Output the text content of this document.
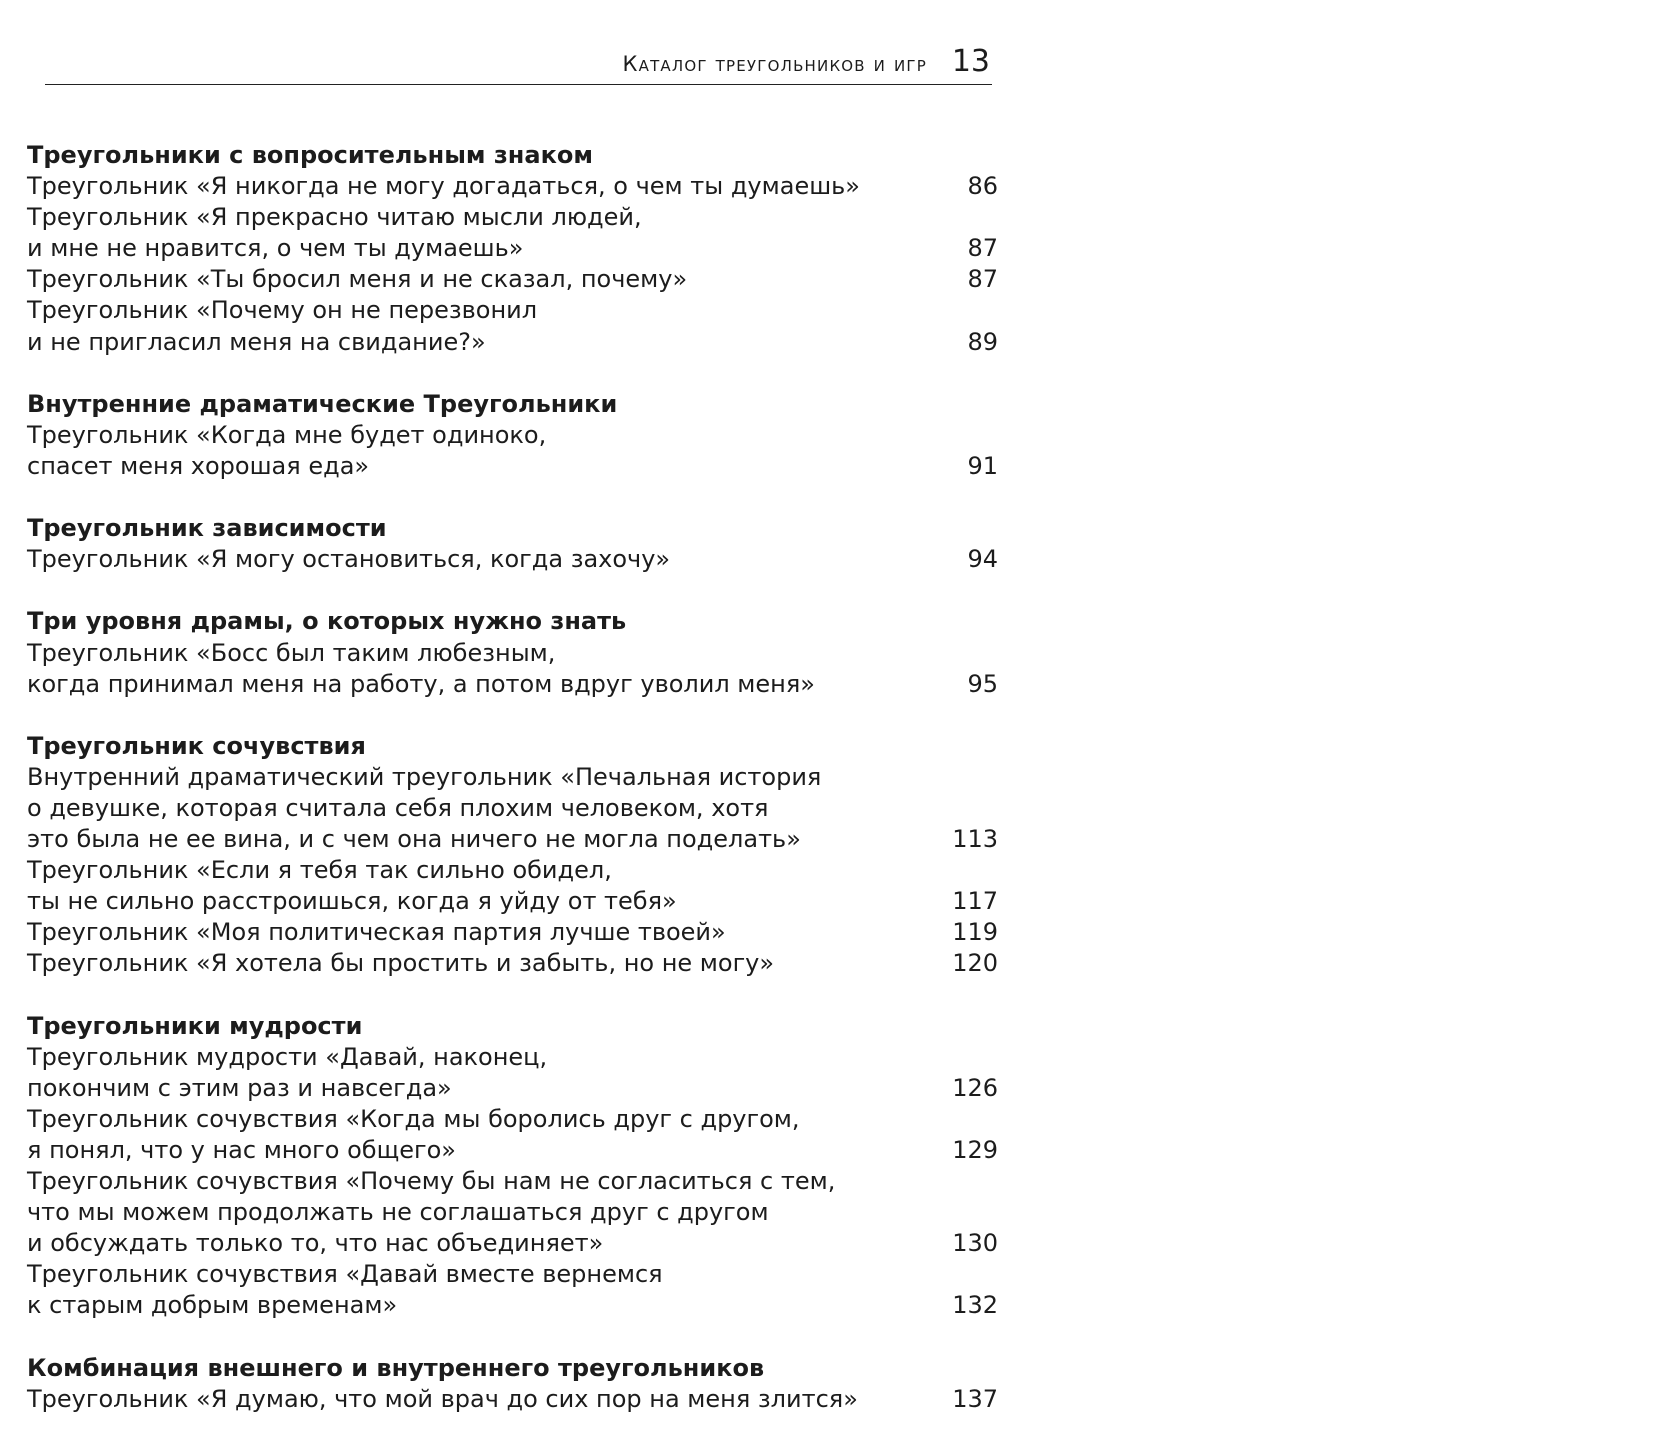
Каталог треугольников и игр 13
Треугольники с вопросительным знаком
Треугольник «Я никогда не могу догадаться, о чем ты думаешь»	86
Треугольник «Я прекрасно читаю мысли людей,
и мне не нравится, о чем ты думаешь»	87
Треугольник «Ты бросил меня и не сказал, почему»	87
Треугольник «Почему он не перезвонил
и не пригласил меня на свидание?»	89
Внутренние драматические Треугольники
Треугольник «Когда мне будет одиноко,
спасет меня хорошая еда»	91
Треугольник зависимости
Треугольник «Я могу остановиться, когда захочу»	94
Три уровня драмы, о которых нужно знать
Треугольник «Босс был таким любезным,
когда принимал меня на работу, а потом вдруг уволил меня»	95
Треугольник сочувствия
Внутренний драматический треугольник «Печальная история
о девушке, которая считала себя плохим человеком, хотя
это была не ее вина, и с чем она ничего не могла поделать»	113
Треугольник «Если я тебя так сильно обидел,
ты не сильно расстроишься, когда я уйду от тебя»	117
Треугольник «Моя политическая партия лучше твоей»	119
Треугольник «Я хотела бы простить и забыть, но не могу»	120
Треугольники мудрости
Треугольник мудрости «Давай, наконец,
покончим с этим раз и навсегда»	126
Треугольник сочувствия «Когда мы боролись друг с другом,
я понял, что у нас много общего»	129
Треугольник сочувствия «Почему бы нам не согласиться с тем,
что мы можем продолжать не соглашаться друг с другом
и обсуждать только то, что нас объединяет»	130
Треугольник сочувствия «Давай вместе вернемся
к старым добрым временам»	132
Комбинация внешнего и внутреннего треугольников
Треугольник «Я думаю, что мой врач до сих пор на меня злится»	137
